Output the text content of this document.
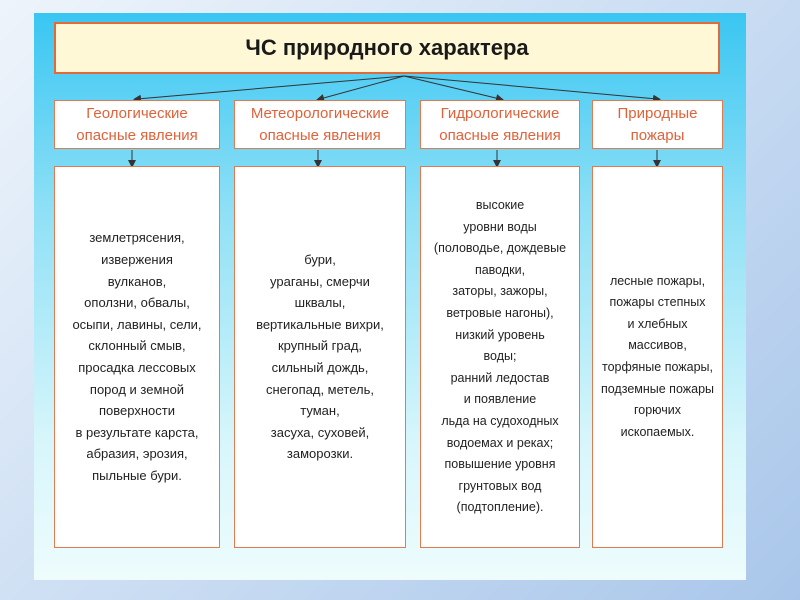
ЧС природного характера
Геологические
опасные явления
землетрясения,
извержения
вулканов,
оползни, обвалы,
осыпи, лавины, сели,
склонный смыв,
просадка лессовых
пород и земной
поверхности
в результате карста,
абразия, эрозия,
пыльные бури.
Метеорологические
опасные явления
бури,
ураганы, смерчи
шквалы,
вертикальные вихри,
крупный град,
сильный дождь,
снегопад, метель,
туман,
засуха, суховей,
заморозки.
Гидрологические
опасные явления
высокие
уровни воды
(половодье, дождевые
паводки,
заторы, зажоры,
ветровые нагоны),
низкий уровень
воды;
ранний ледостав
и появление
льда на судоходных
водоемах и реках;
повышение уровня
грунтовых вод
(подтопление).
Природные
пожары
лесные пожары,
пожары степных
и хлебных
массивов,
торфяные пожары,
подземные пожары
горючих
ископаемых.
